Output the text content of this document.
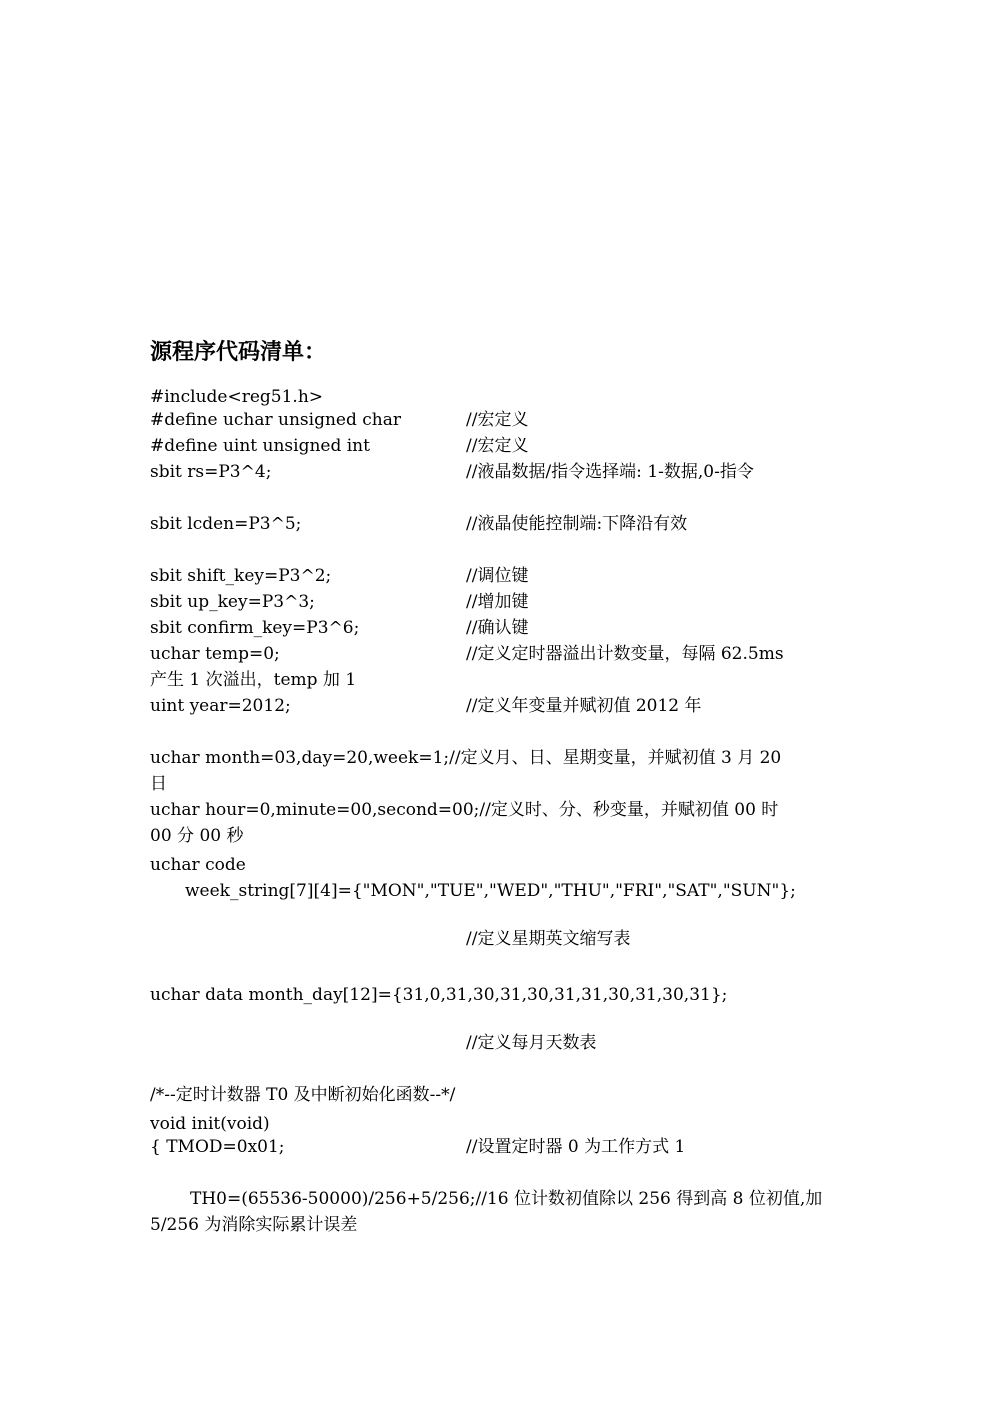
源程序代码清单：
#include<reg51.h>
#define uchar unsigned char	//宏定义
#define uint unsigned int	//宏定义
sbit rs=P3^4;	//液晶数据/指令选择端: 1-数据,0-指令
sbit lcden=P3^5;	//液晶使能控制端:下降沿有效
sbit shift_key=P3^2;	//调位键
sbit up_key=P3^3;	//增加键
sbit confirm_key=P3^6;	//确认键
uchar temp=0;	//定义定时器溢出计数变量，每隔 62.5ms
产生 1 次溢出，temp 加 1
uint year=2012;	//定义年变量并赋初值 2012 年
uchar month=03,day=20,week=1;//定义月、日、星期变量，并赋初值 3 月 20
日
uchar hour=0,minute=00,second=00;//定义时、分、秒变量，并赋初值 00 时
00 分 00 秒
uchar code
week_string[7][4]={"MON","TUE","WED","THU","FRI","SAT","SUN"};
//定义星期英文缩写表
uchar data month_day[12]={31,0,31,30,31,30,31,31,30,31,30,31};
//定义每月天数表
/*--定时计数器 T0 及中断初始化函数--*/
void init(void)
{ TMOD=0x01;	//设置定时器 0 为工作方式 1
TH0=(65536-50000)/256+5/256;//16 位计数初值除以 256 得到高 8 位初值,加
5/256 为消除实际累计误差
